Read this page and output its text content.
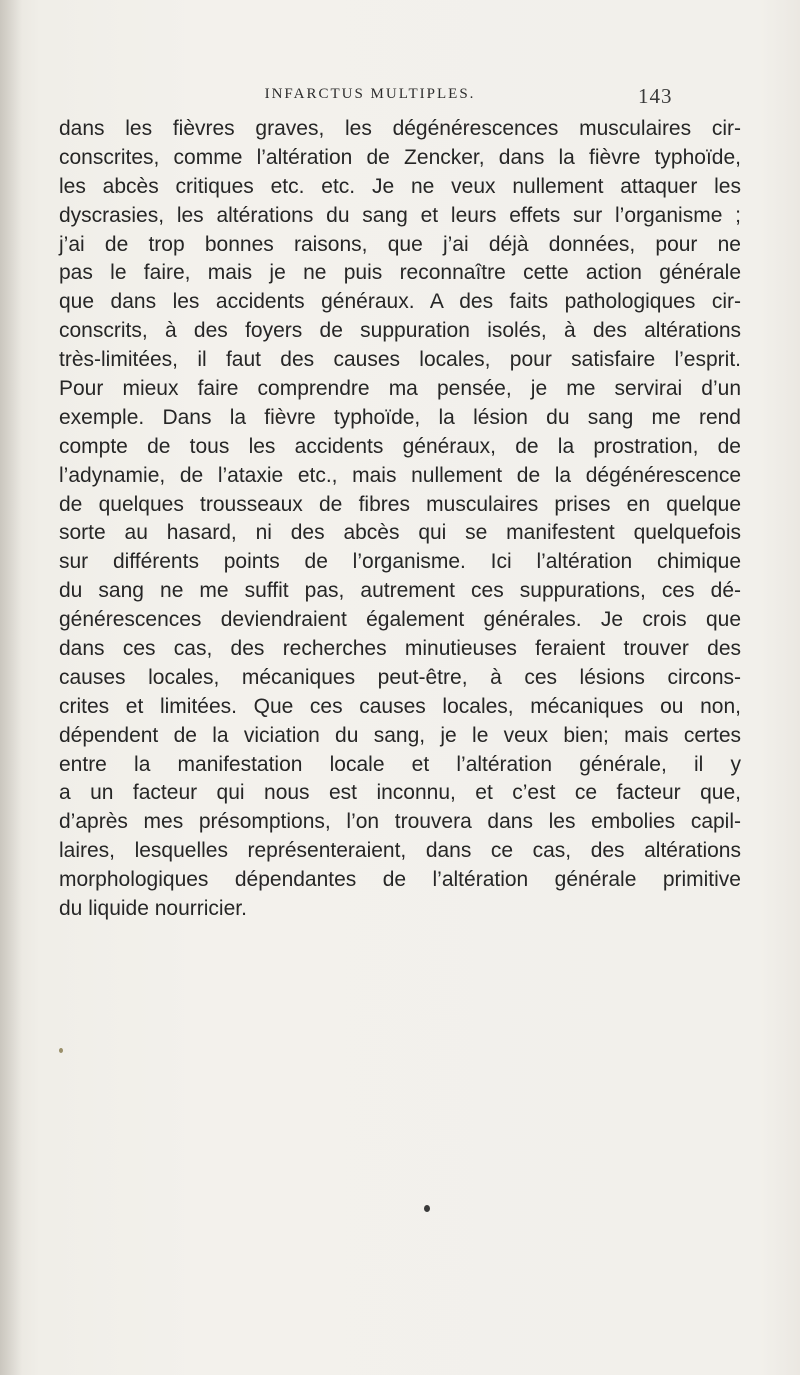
INFARCTUS MULTIPLES.	143
dans les fièvres graves, les dégénérescences musculaires cir-
conscrites, comme l’altération de Zencker, dans la fièvre typhoïde,
les abcès critiques etc. etc. Je ne veux nullement attaquer les
dyscrasies, les altérations du sang et leurs effets sur l’organisme ;
j’ai de trop bonnes raisons, que j’ai déjà données, pour ne
pas le faire, mais je ne puis reconnaître cette action générale
que dans les accidents généraux. A des faits pathologiques cir-
conscrits, à des foyers de suppuration isolés, à des altérations
très-limitées, il faut des causes locales, pour satisfaire l’esprit.
Pour mieux faire comprendre ma pensée, je me servirai d’un
exemple. Dans la fièvre typhoïde, la lésion du sang me rend
compte de tous les accidents généraux, de la prostration, de
l’adynamie, de l’ataxie etc., mais nullement de la dégénérescence
de quelques trousseaux de fibres musculaires prises en quelque
sorte au hasard, ni des abcès qui se manifestent quelquefois
sur différents points de l’organisme. Ici l’altération chimique
du sang ne me suffit pas, autrement ces suppurations, ces dé-
générescences deviendraient également générales. Je crois que
dans ces cas, des recherches minutieuses feraient trouver des
causes locales, mécaniques peut-être, à ces lésions circons-
crites et limitées. Que ces causes locales, mécaniques ou non,
dépendent de la viciation du sang, je le veux bien; mais certes
entre la manifestation locale et l’altération générale, il y
a un facteur qui nous est inconnu, et c’est ce facteur que,
d’après mes présomptions, l’on trouvera dans les embolies capil-
laires, lesquelles représenteraient, dans ce cas, des altérations
morphologiques dépendantes de l’altération générale primitive
du liquide nourricier.
